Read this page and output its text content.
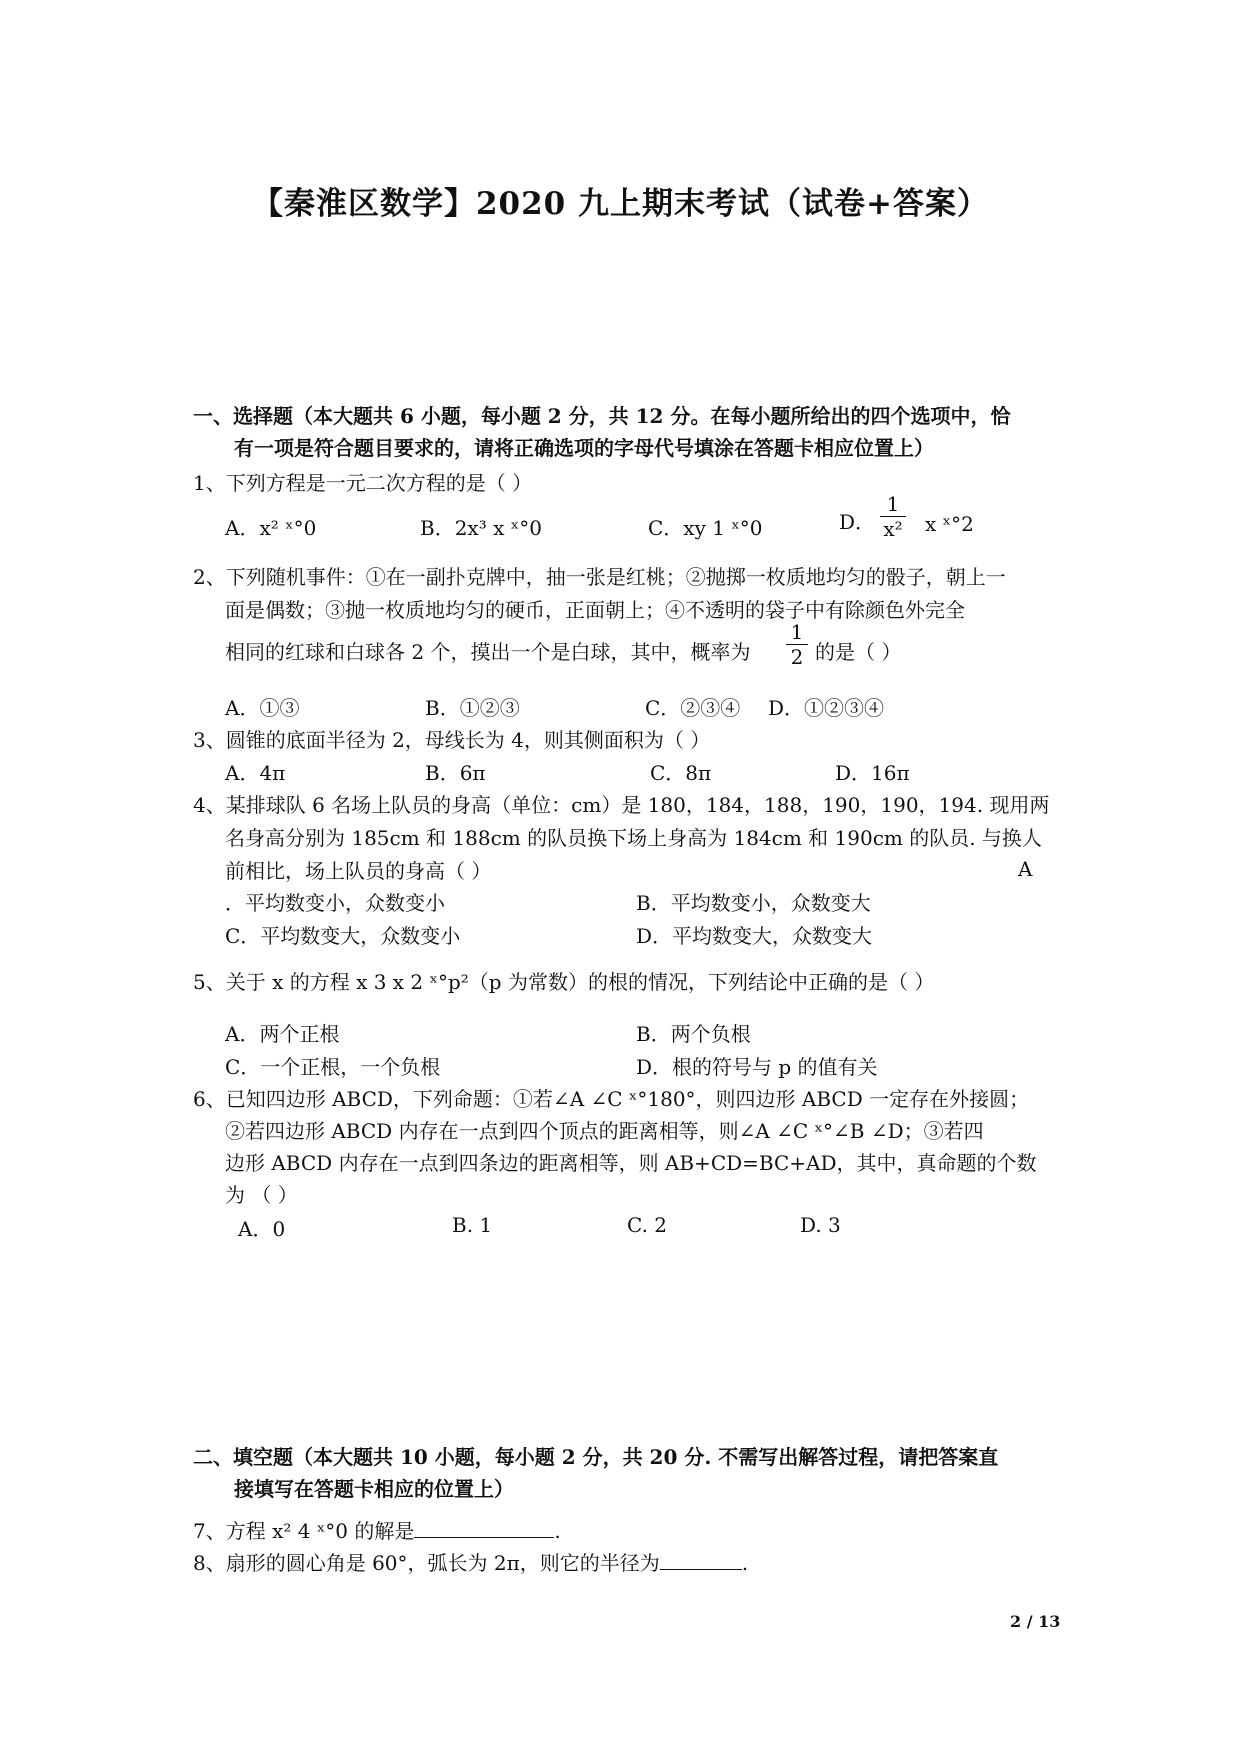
【秦淮区数学】2020 九上期末考试（试卷+答案）
一、选择题（本大题共 6 小题，每小题 2 分，共 12 分。在每小题所给出的四个选项中，恰
有一项是符合题目要求的，请将正确选项的字母代号填涂在答题卡相应位置上）
1、下列方程是一元二次方程的是（ ）
A．x² ˣ°0	B．2x³ x ˣ°0	C．xy 1 ˣ°0	D． $\frac{1}{\text{x²}}$ x ˣ°2
2、下列随机事件：①在一副扑克牌中，抽一张是红桃；②抛掷一枚质地均匀的骰子，朝上一
面是偶数；③抛一枚质地均匀的硬币，正面朝上；④不透明的袋子中有除颜色外完全
相同的红球和白球各 2 个，摸出一个是白球，其中，概率为 $\frac{1}{2}$ 的是（ ）
A．①③	B．①②③	C．②③④ D．①②③④
3、圆锥的底面半径为 2，母线长为 4，则其侧面积为（ ）
A．4π	B．6π	C．8π	D．16π
4、某排球队 6 名场上队员的身高（单位：cm）是 180，184，188，190，190，194. 现用两
名身高分别为 185cm 和 188cm 的队员换下场上身高为 184cm 和 190cm 的队员. 与换人
前相比，场上队员的身高（ ）	A
．平均数变小，众数变小	B．平均数变小，众数变大
C．平均数变大，众数变小	D．平均数变大，众数变大
5、关于 x 的方程 x 3 x 2 ˣ°p²（p 为常数）的根的情况，下列结论中正确的是（ ）
A．两个正根	B．两个负根
C．一个正根，一个负根	D．根的符号与 p 的值有关
6、已知四边形 ABCD，下列命题：①若∠A ∠C ˣ°180°，则四边形 ABCD 一定存在外接圆；
②若四边形 ABCD 内存在一点到四个顶点的距离相等，则∠A ∠C ˣ°∠B ∠D；③若四
边形 ABCD 内存在一点到四条边的距离相等，则 AB+CD=BC+AD，其中，真命题的个数
为 （ ）
A．0	B. 1	C. 2	D. 3
二、填空题（本大题共 10 小题，每小题 2 分，共 20 分. 不需写出解答过程，请把答案直
接填写在答题卡相应的位置上）
7、方程 x² 4 ˣ°0 的解是	.
8、扇形的圆心角是 60°，弧长为 2π，则它的半径为	.
2 / 13
